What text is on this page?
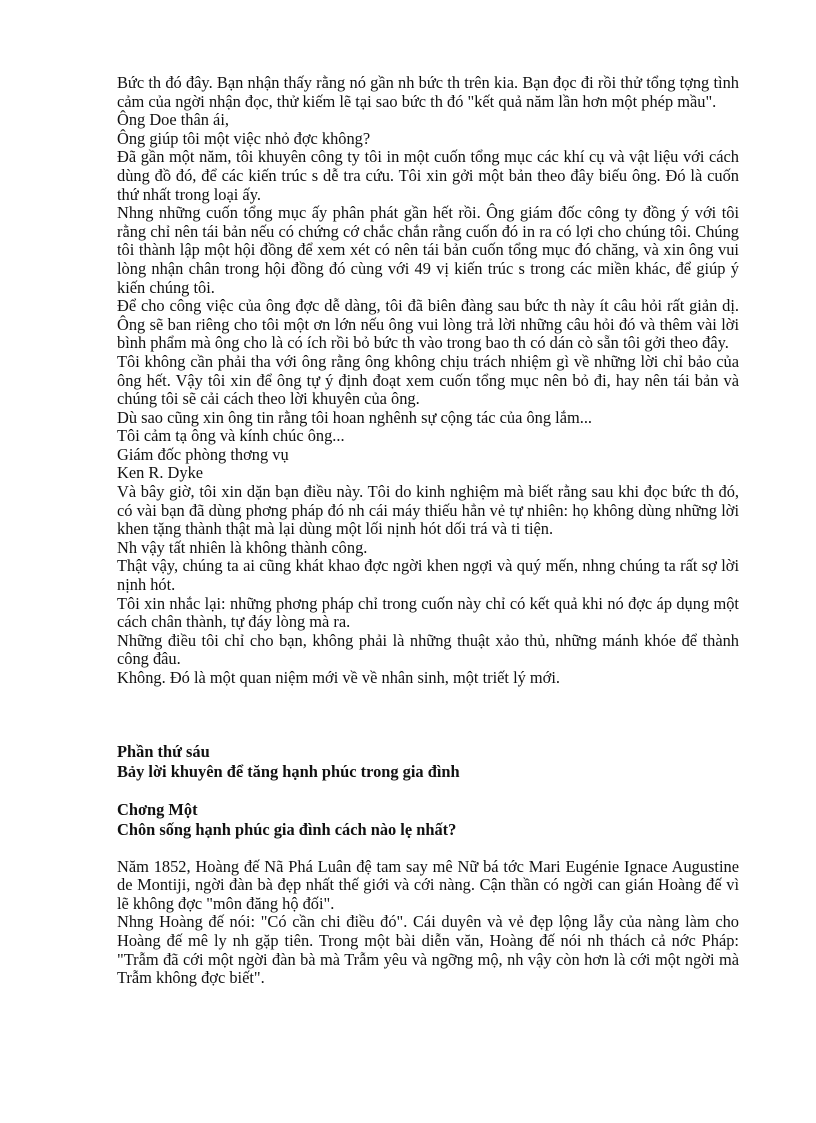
Bức th đó đây. Bạn nhận thấy rằng nó gần nh bức th trên kia. Bạn đọc đi rồi thử tổng tợng tình cảm của ngời nhận đọc, thử kiếm lẽ tại sao bức th đó "kết quả năm lần hơn một phép mầu".

Ông Doe thân ái,

Ông giúp tôi một việc nhỏ đợc không?

Đã gần một năm, tôi khuyên công ty tôi in một cuốn tổng mục các khí cụ và vật liệu với cách dùng đồ đó, để các kiến trúc s dễ tra cứu. Tôi xin gởi một bản theo đây biếu ông. Đó là cuốn thứ nhất trong loại ấy.

Nhng những cuốn tổng mục ấy phân phát gần hết rồi. Ông giám đốc công ty đồng ý với tôi rằng chỉ nên tái bản nếu có chứng cớ chắc chắn rằng cuốn đó in ra có lợi cho chúng tôi. Chúng tôi thành lập một hội đồng để xem xét có nên tái bản cuốn tổng mục đó chăng, và xin ông vui lòng nhận chân trong hội đồng đó cùng với 49 vị kiến trúc s trong các miền khác, để giúp ý kiến chúng tôi.

Để cho công việc của ông đợc dễ dàng, tôi đã biên đàng sau bức th này ít câu hỏi rất giản dị. Ông sẽ ban riêng cho tôi một ơn lớn nếu ông vui lòng trả lời những câu hỏi đó và thêm vài lời bình phẩm mà ông cho là có ích rồi bỏ bức th vào trong bao th có dán cò sẵn tôi gởi theo đây.

Tôi không cần phải tha với ông rằng ông không chịu trách nhiệm gì về những lời chỉ bảo của ông hết. Vậy tôi xin để ông tự ý định đoạt xem cuốn tổng mục nên bỏ đi, hay nên tái bản và chúng tôi sẽ cải cách theo lời khuyên của ông.

Dù sao cũng xin ông tin rằng tôi hoan nghênh sự cộng tác của ông lắm...

Tôi cảm tạ ông và kính chúc ông...

Giám đốc phòng thơng vụ

Ken R. Dyke

Và bây giờ, tôi xin dặn bạn điều này. Tôi do kinh nghiệm mà biết rằng sau khi đọc bức th đó, có vài bạn đã dùng phơng pháp đó nh cái máy thiếu hẳn vẻ tự nhiên: họ không dùng những lời khen tặng thành thật mà lại dùng một lối nịnh hót dối trá và ti tiện.

Nh vậy tất nhiên là không thành công.

Thật vậy, chúng ta ai cũng khát khao đợc ngời khen ngợi và quý mến, nhng chúng ta rất sợ lời nịnh hót.

Tôi xin nhắc lại: những phơng pháp chỉ trong cuốn này chỉ có kết quả khi nó đợc áp dụng một cách chân thành, tự đáy lòng mà ra.

Những điều tôi chỉ cho bạn, không phải là những thuật xảo thủ, những mánh khóe để thành công đâu.

Không. Đó là một quan niệm mới về về nhân sinh, một triết lý mới.

Phần thứ sáu
Bảy lời khuyên để tăng hạnh phúc trong gia đình
Chơng Một
Chôn sống hạnh phúc gia đình cách nào lẹ nhất?

Năm 1852, Hoàng đế Nã Phá Luân đệ tam say mê Nữ bá tớc Mari Eugénie Ignace Augustine de Montiji, ngời đàn bà đẹp nhất thế giới và cới nàng. Cận thần có ngời can gián Hoàng đế vì lẽ không đợc "môn đăng hộ đối".

Nhng Hoàng đế nói: "Có cần chi điều đó". Cái duyên và vẻ đẹp lộng lẫy của nàng làm cho Hoàng đế mê ly nh gặp tiên. Trong một bài diễn văn, Hoàng đế nói nh thách cả nớc Pháp: "Trẫm đã cới một ngời đàn bà mà Trẫm yêu và ngỡng mộ, nh vậy còn hơn là cới một ngời mà Trẫm không đợc biết".
